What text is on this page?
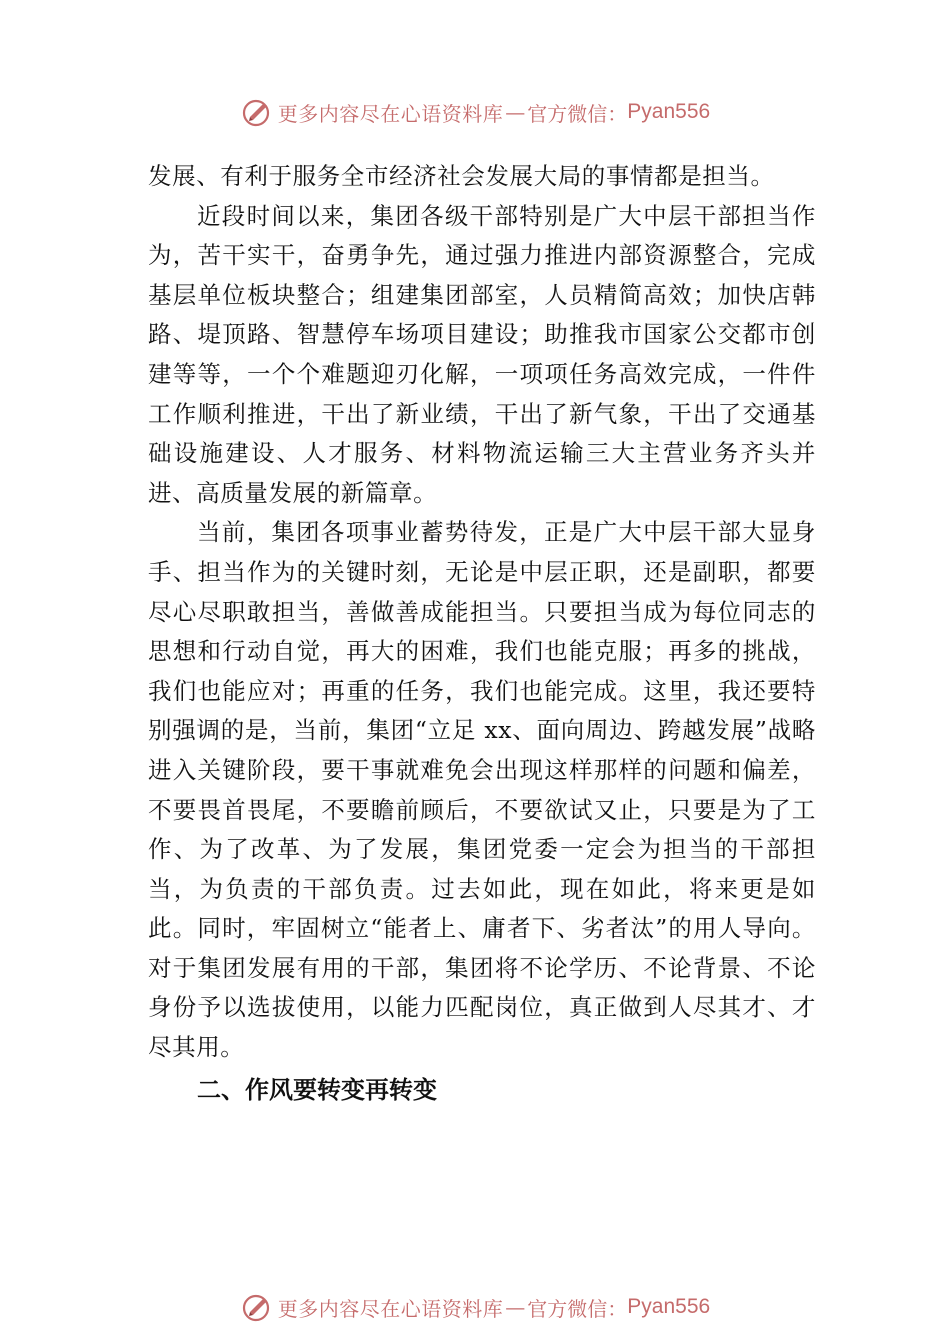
更多内容尽在心语资料库 — 官方微信： Pyan556

发展、有利于服务全市经济社会发展大局的事情都是担当。

近段时间以来，集团各级干部特别是广大中层干部担当作为，苦干实干，奋勇争先，通过强力推进内部资源整合，完成基层单位板块整合；组建集团部室，人员精简高效；加快店韩路、堤顶路、智慧停车场项目建设；助推我市国家公交都市创建等等，一个个难题迎刃化解，一项项任务高效完成，一件件工作顺利推进，干出了新业绩，干出了新气象，干出了交通基础设施建设、人才服务、材料物流运输三大主营业务齐头并进、高质量发展的新篇章。

当前，集团各项事业蓄势待发，正是广大中层干部大显身手、担当作为的关键时刻，无论是中层正职，还是副职，都要尽心尽职敢担当，善做善成能担当。只要担当成为每位同志的思想和行动自觉，再大的困难，我们也能克服；再多的挑战，我们也能应对；再重的任务，我们也能完成。这里，我还要特别强调的是，当前，集团“立足 xx、面向周边、跨越发展”战略进入关键阶段，要干事就难免会出现这样那样的问题和偏差，不要畏首畏尾，不要瞻前顾后，不要欲试又止，只要是为了工作、为了改革、为了发展，集团党委一定会为担当的干部担当，为负责的干部负责。过去如此，现在如此，将来更是如此。同时，牢固树立“能者上、庸者下、劣者汰”的用人导向。对于集团发展有用的干部，集团将不论学历、不论背景、不论身份予以选拔使用，以能力匹配岗位，真正做到人尽其才、才尽其用。

二、作风要转变再转变

更多内容尽在心语资料库 — 官方微信： Pyan556
